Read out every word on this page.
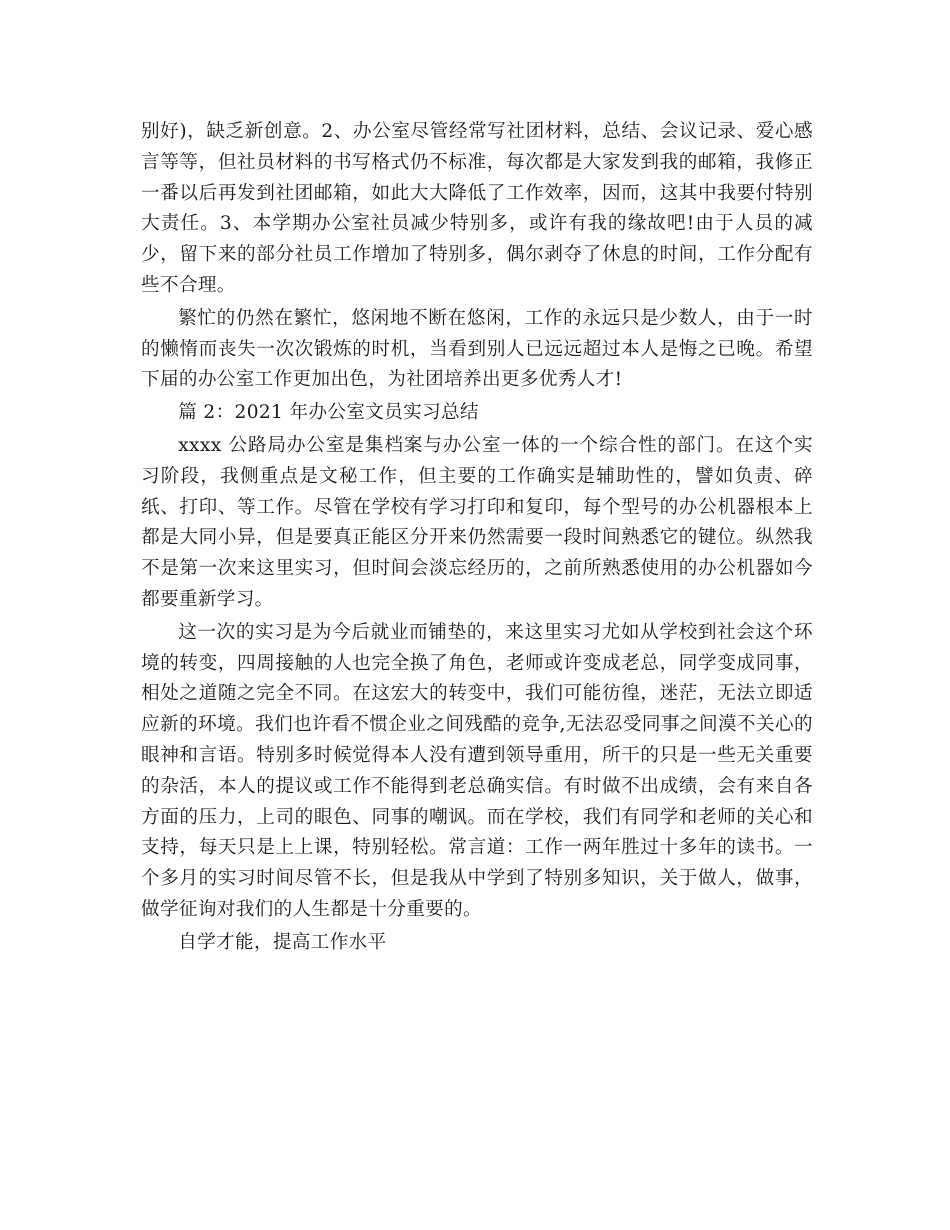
别好)，缺乏新创意。2、办公室尽管经常写社团材料，总结、会议记录、爱心感言等等，但社员材料的书写格式仍不标准，每次都是大家发到我的邮箱，我修正一番以后再发到社团邮箱，如此大大降低了工作效率，因而，这其中我要付特别大责任。3、本学期办公室社员减少特别多，或许有我的缘故吧!由于人员的减少，留下来的部分社员工作增加了特别多，偶尔剥夺了休息的时间，工作分配有些不合理。

繁忙的仍然在繁忙，悠闲地不断在悠闲，工作的永远只是少数人，由于一时的懒惰而丧失一次次锻炼的时机，当看到别人已远远超过本人是悔之已晚。希望下届的办公室工作更加出色，为社团培养出更多优秀人才!

篇 2：2021 年办公室文员实习总结

xxxx 公路局办公室是集档案与办公室一体的一个综合性的部门。在这个实习阶段，我侧重点是文秘工作，但主要的工作确实是辅助性的，譬如负责、碎纸、打印、等工作。尽管在学校有学习打印和复印，每个型号的办公机器根本上都是大同小异，但是要真正能区分开来仍然需要一段时间熟悉它的键位。纵然我不是第一次来这里实习，但时间会淡忘经历的，之前所熟悉使用的办公机器如今都要重新学习。

这一次的实习是为今后就业而铺垫的，来这里实习尤如从学校到社会这个环境的转变，四周接触的人也完全换了角色，老师或许变成老总，同学变成同事，相处之道随之完全不同。在这宏大的转变中，我们可能彷徨，迷茫，无法立即适应新的环境。我们也许看不惯企业之间残酷的竞争,无法忍受同事之间漠不关心的眼神和言语。特别多时候觉得本人没有遭到领导重用，所干的只是一些无关重要的杂活，本人的提议或工作不能得到老总确实信。有时做不出成绩，会有来自各方面的压力，上司的眼色、同事的嘲讽。而在学校，我们有同学和老师的关心和支持，每天只是上上课，特别轻松。常言道：工作一两年胜过十多年的读书。一个多月的实习时间尽管不长，但是我从中学到了特别多知识，关于做人，做事，做学征询对我们的人生都是十分重要的。

自学才能，提高工作水平
